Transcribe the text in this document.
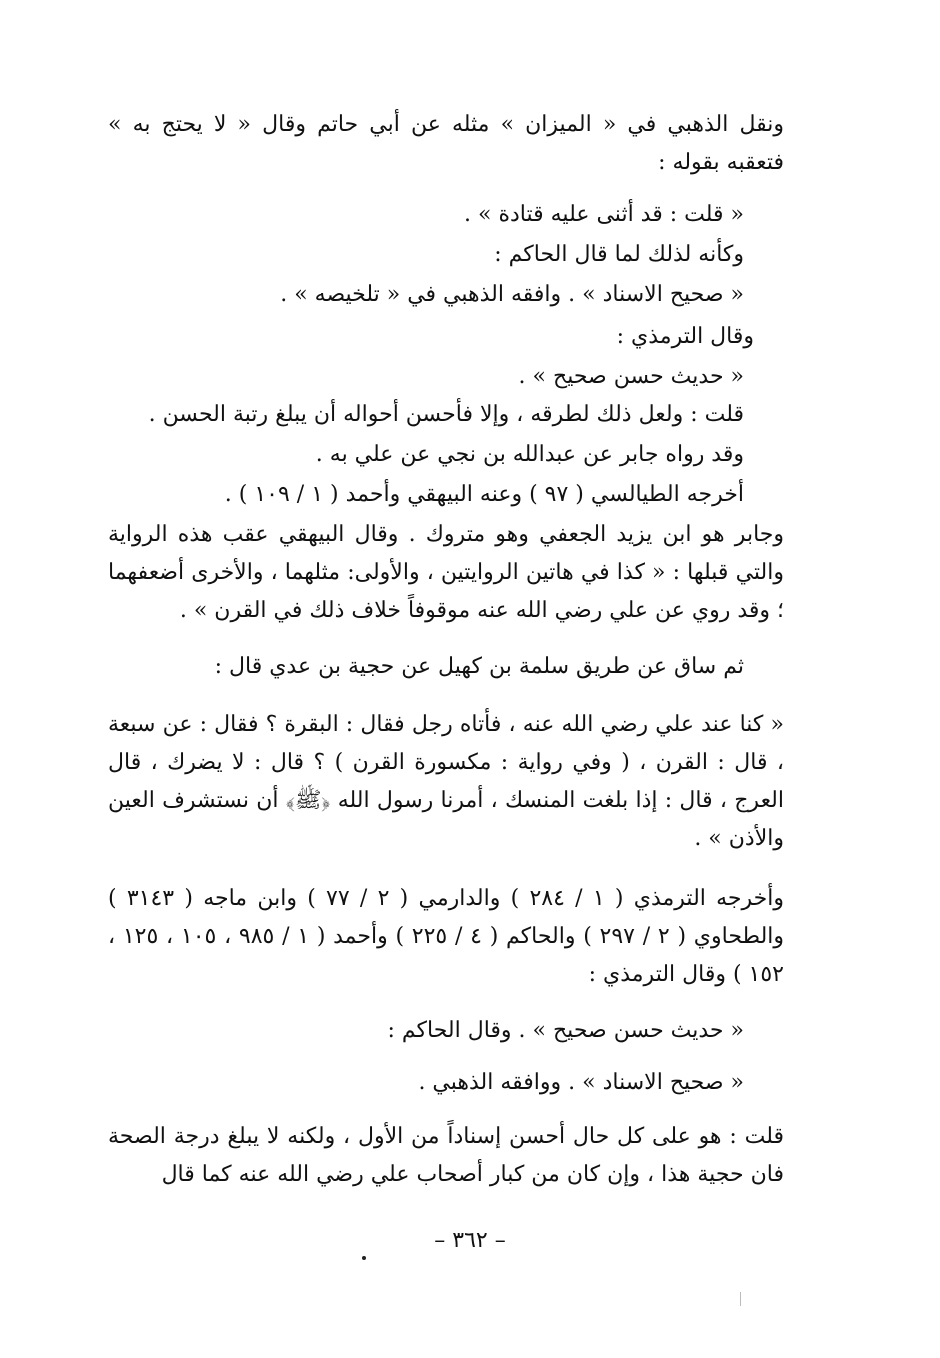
ونقل الذهبي في « الميزان » مثله عن أبي حاتم وقال « لا يحتج به » فتعقبه بقوله :
« قلت : قد أثنى عليه قتادة » .
وكأنه لذلك لما قال الحاكم :
« صحيح الاسناد » . وافقه الذهبي في « تلخيصه » .
وقال الترمذي :
« حديث حسن صحيح » .
قلت : ولعل ذلك لطرقه ، وإلا فأحسن أحواله أن يبلغ رتبة الحسن .
وقد رواه جابر عن عبدالله بن نجي عن علي به .
أخرجه الطيالسي ( ٩٧ ) وعنه البيهقي وأحمد ( ١ / ١٠٩ ) .
وجابر هو ابن يزيد الجعفي وهو متروك . وقال البيهقي عقب هذه الرواية والتي قبلها : « كذا في هاتين الروايتين ، والأولى: مثلهما ، والأخرى أضعفهما ؛ وقد روي عن علي رضي الله عنه موقوفاً خلاف ذلك في القرن » .
ثم ساق عن طريق سلمة بن كهيل عن حجية بن عدي قال :
« كنا عند علي رضي الله عنه ، فأتاه رجل فقال : البقرة ؟ فقال : عن سبعة ، قال : القرن ، ( وفي رواية : مكسورة القرن ) ؟ قال : لا يضرك ، قال العرج ، قال : إذا بلغت المنسك ، أمرنا رسول الله ﴿ﷺ﴾ أن نستشرف العين والأذن » .
وأخرجه الترمذي ( ١ / ٢٨٤ ) والدارمي ( ٢ / ٧٧ ) وابن ماجه ( ٣١٤٣ ) والطحاوي ( ٢ / ٢٩٧ ) والحاكم ( ٤ / ٢٢٥ ) وأحمد ( ١ / ٩٨٥ ، ١٠٥ ، ١٢٥ ، ١٥٢ ) وقال الترمذي :
« حديث حسن صحيح » . وقال الحاكم :
« صحيح الاسناد » . ووافقه الذهبي .
قلت : هو على كل حال أحسن إسناداً من الأول ، ولكنه لا يبلغ درجة الصحة فان حجية هذا ، وإن كان من كبار أصحاب علي رضي الله عنه كما قال
– ٣٦٢ –
